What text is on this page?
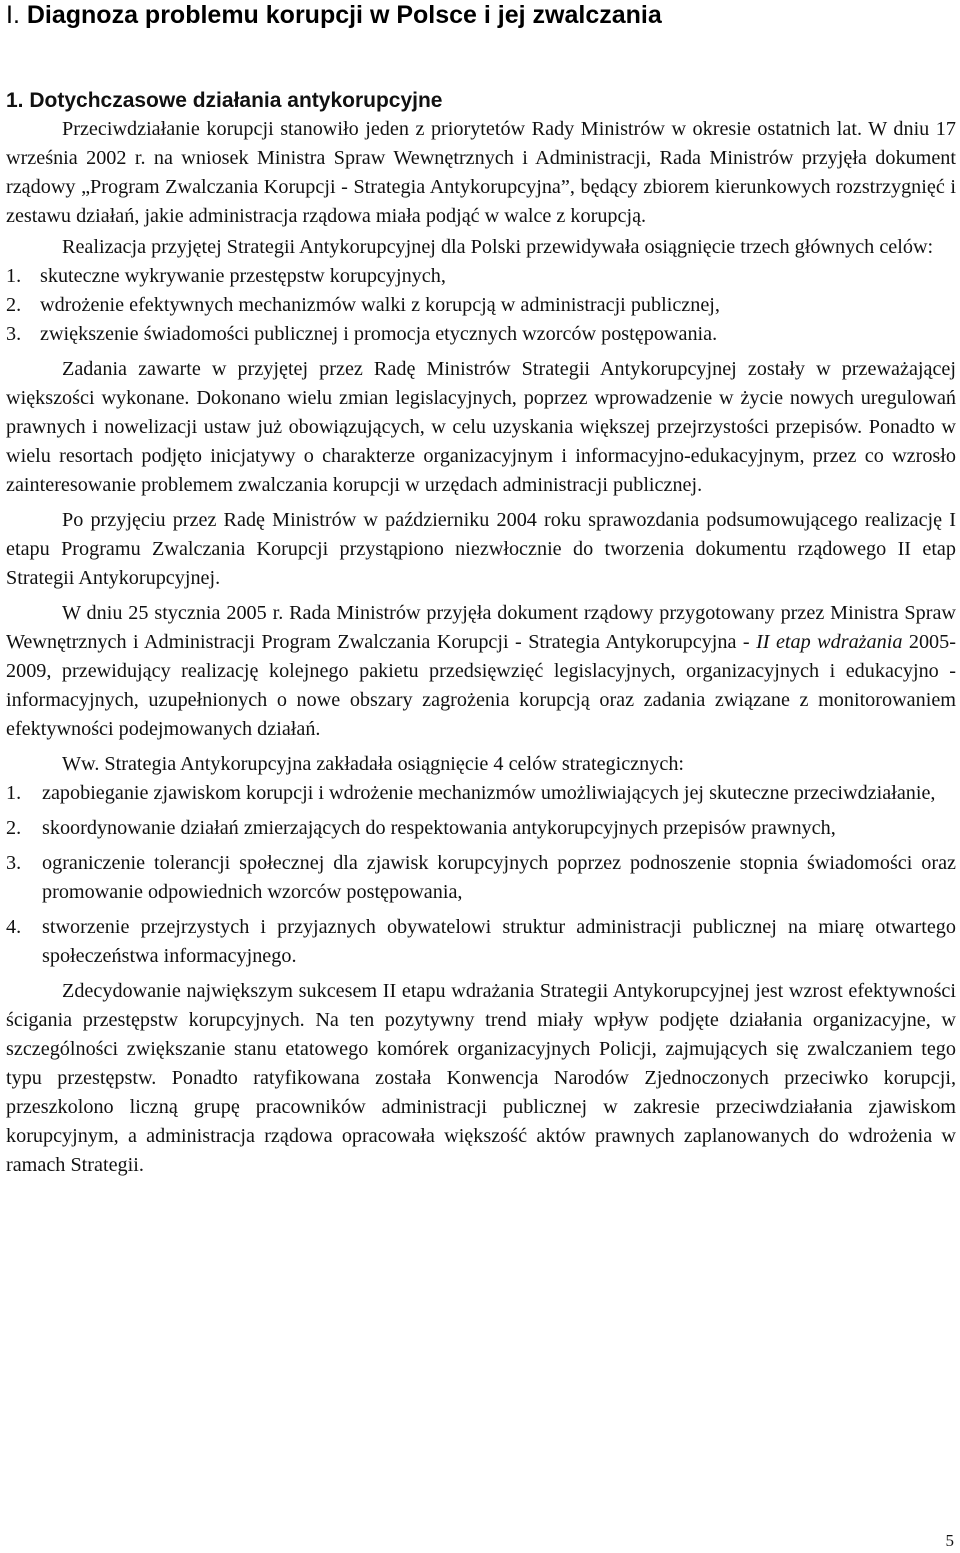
I. Diagnoza problemu korupcji w Polsce i jej zwalczania
1. Dotychczasowe działania antykorupcyjne

Przeciwdziałanie korupcji stanowiło jeden z priorytetów Rady Ministrów w okresie ostatnich lat. W dniu 17 września 2002 r. na wniosek Ministra Spraw Wewnętrznych i Administracji, Rada Ministrów przyjęła dokument rządowy „Program Zwalczania Korupcji - Strategia Antykorupcyjna”, będący zbiorem kierunkowych rozstrzygnięć i zestawu działań, jakie administracja rządowa miała podjąć w walce z korupcją.

Realizacja przyjętej Strategii Antykorupcyjnej dla Polski przewidywała osiągnięcie trzech głównych celów:

1. skuteczne wykrywanie przestępstw korupcyjnych,
2. wdrożenie efektywnych mechanizmów walki z korupcją w administracji publicznej,
3. zwiększenie świadomości publicznej i promocja etycznych wzorców postępowania.

Zadania zawarte w przyjętej przez Radę Ministrów Strategii Antykorupcyjnej zostały w przeważającej większości wykonane. Dokonano wielu zmian legislacyjnych, poprzez wprowadzenie w życie nowych uregulowań prawnych i nowelizacji ustaw już obowiązujących, w celu uzyskania większej przejrzystości przepisów. Ponadto w wielu resortach podjęto inicjatywy o charakterze organizacyjnym i informacyjno-edukacyjnym, przez co wzrosło zainteresowanie problemem zwalczania korupcji w urzędach administracji publicznej.

Po przyjęciu przez Radę Ministrów w październiku 2004 roku sprawozdania podsumowującego realizację I etapu Programu Zwalczania Korupcji przystąpiono niezwłocznie do tworzenia dokumentu rządowego II etap Strategii Antykorupcyjnej.

W dniu 25 stycznia 2005 r. Rada Ministrów przyjęła dokument rządowy przygotowany przez Ministra Spraw Wewnętrznych i Administracji Program Zwalczania Korupcji - Strategia Antykorupcyjna - II etap wdrażania 2005-2009, przewidujący realizację kolejnego pakietu przedsięwzięć legislacyjnych, organizacyjnych i edukacyjno - informacyjnych, uzupełnionych o nowe obszary zagrożenia korupcją oraz zadania związane z monitorowaniem efektywności podejmowanych działań.

Ww. Strategia Antykorupcyjna zakładała osiągnięcie 4 celów strategicznych:

1. zapobieganie zjawiskom korupcji i wdrożenie mechanizmów umożliwiających jej skuteczne przeciwdziałanie,
2. skoordynowanie działań zmierzających do respektowania antykorupcyjnych przepisów prawnych,
3. ograniczenie tolerancji społecznej dla zjawisk korupcyjnych poprzez podnoszenie stopnia świadomości oraz promowanie odpowiednich wzorców postępowania,
4. stworzenie przejrzystych i przyjaznych obywatelowi struktur administracji publicznej na miarę otwartego społeczeństwa informacyjnego.

Zdecydowanie największym sukcesem II etapu wdrażania Strategii Antykorupcyjnej jest wzrost efektywności ścigania przestępstw korupcyjnych. Na ten pozytywny trend miały wpływ podjęte działania organizacyjne, w szczególności zwiększanie stanu etatowego komórek organizacyjnych Policji, zajmujących się zwalczaniem tego typu przestępstw. Ponadto ratyfikowana została Konwencja Narodów Zjednoczonych przeciwko korupcji, przeszkolono liczną grupę pracowników administracji publicznej w zakresie przeciwdziałania zjawiskom korupcyjnym, a administracja rządowa opracowała większość aktów prawnych zaplanowanych do wdrożenia w ramach Strategii.

5
